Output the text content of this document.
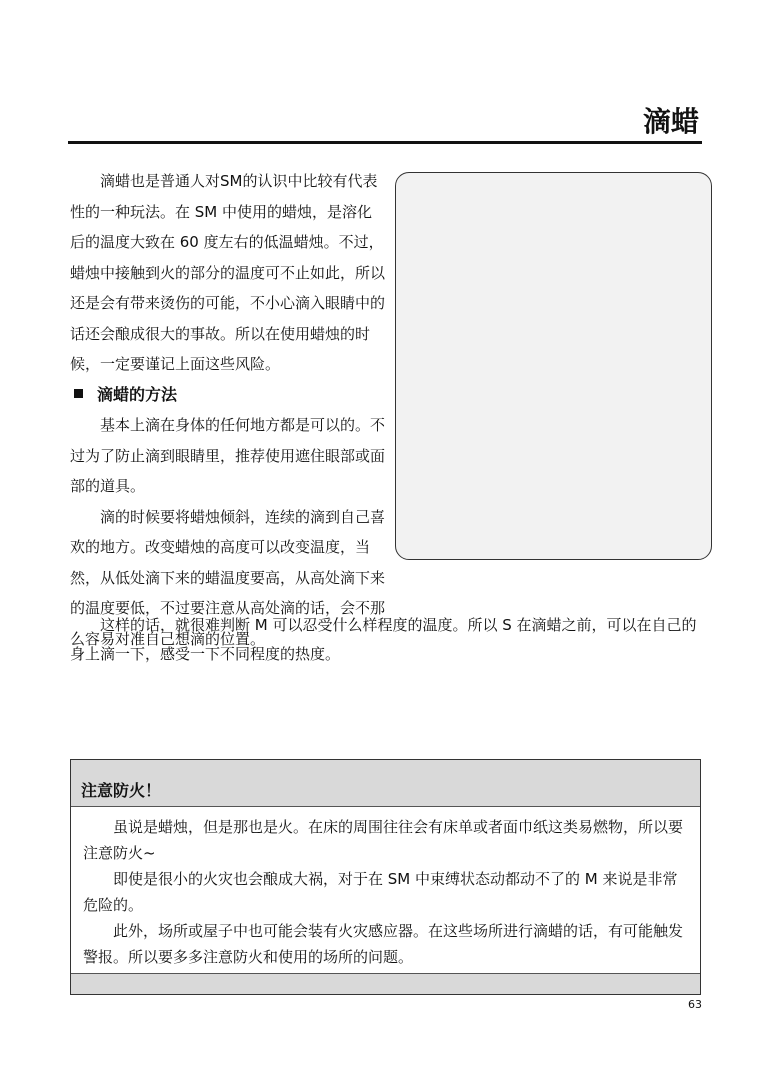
滴蜡

滴蜡也是普通人对SM的认识中比较有代表性的一种玩法。在 SM 中使用的蜡烛，是溶化后的温度大致在 60 度左右的低温蜡烛。不过，蜡烛中接触到火的部分的温度可不止如此，所以还是会有带来烫伤的可能，不小心滴入眼睛中的话还会酿成很大的事故。所以在使用蜡烛的时候，一定要谨记上面这些风险。

滴蜡的方法

基本上滴在身体的任何地方都是可以的。不过为了防止滴到眼睛里，推荐使用遮住眼部或面部的道具。

滴的时候要将蜡烛倾斜，连续的滴到自己喜欢的地方。改变蜡烛的高度可以改变温度，当然，从低处滴下来的蜡温度要高，从高处滴下来的温度要低，不过要注意从高处滴的话，会不那么容易对准自己想滴的位置。

这样的话，就很难判断 M 可以忍受什么样程度的温度。所以 S 在滴蜡之前，可以在自己的身上滴一下，感受一下不同程度的热度。

注意防火！

虽说是蜡烛，但是那也是火。在床的周围往往会有床单或者面巾纸这类易燃物，所以要注意防火~

即使是很小的火灾也会酿成大祸，对于在 SM 中束缚状态动都动不了的 M 来说是非常危险的。

此外，场所或屋子中也可能会装有火灾感应器。在这些场所进行滴蜡的话，有可能触发警报。所以要多多注意防火和使用的场所的问题。

63
